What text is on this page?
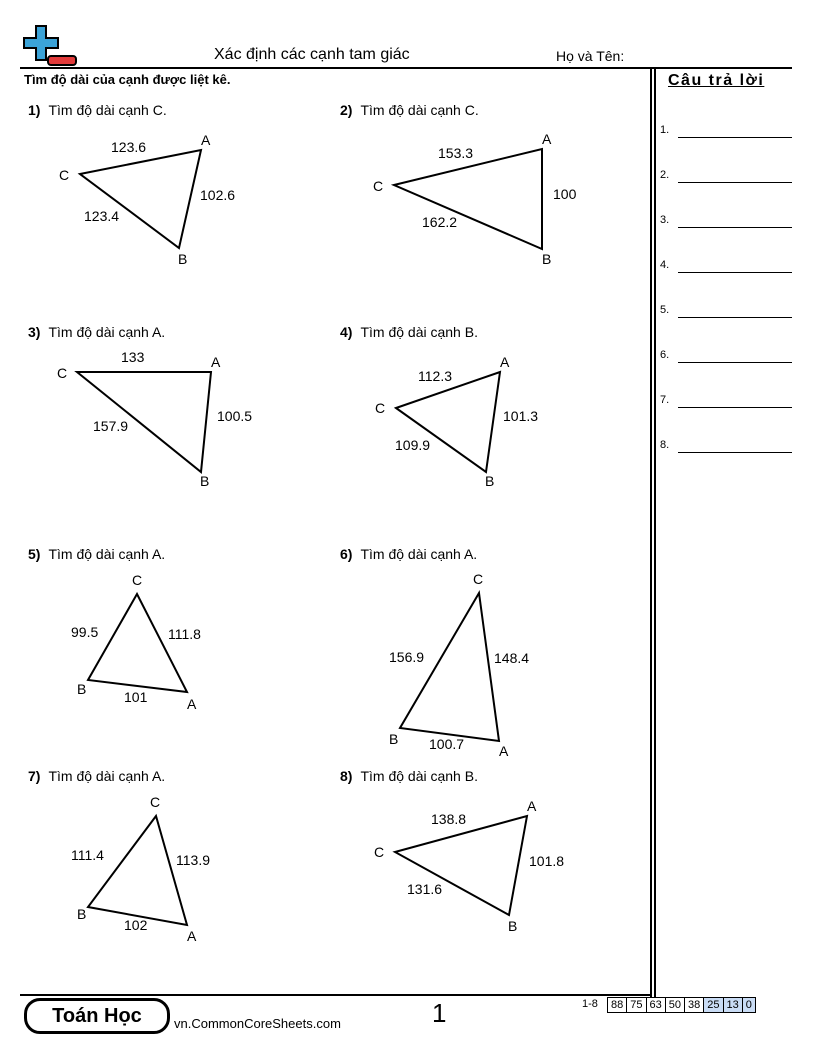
Xác định các cạnh tam giác	Họ và Tên:
Tìm độ dài của cạnh được liệt kê.	Câu trả lời
1.
2.
3.
4.
5.
6.
7.
8.
1) Tìm độ dài cạnh C.
A
B
C
123.6
102.6
123.4
A
B
C
153.3
100
162.2
A
B
C
133
100.5
157.9
A
B
C
112.3
101.3
109.9
A
B
C
99.5	111.8
101
A
B
C
156.9	148.4
100.7
A
B
C
111.4	113.9
102
A
B
C
138.8
101.8
131.6
2) Tìm độ dài cạnh C.
3) Tìm độ dài cạnh A.	4) Tìm độ dài cạnh B.
5) Tìm độ dài cạnh A.	6) Tìm độ dài cạnh A.
7) Tìm độ dài cạnh A.	8) Tìm độ dài cạnh B.
Toán Học	vn.CommonCoreSheets.com	1	1-8	88 75 63 50 38 25 13 0
